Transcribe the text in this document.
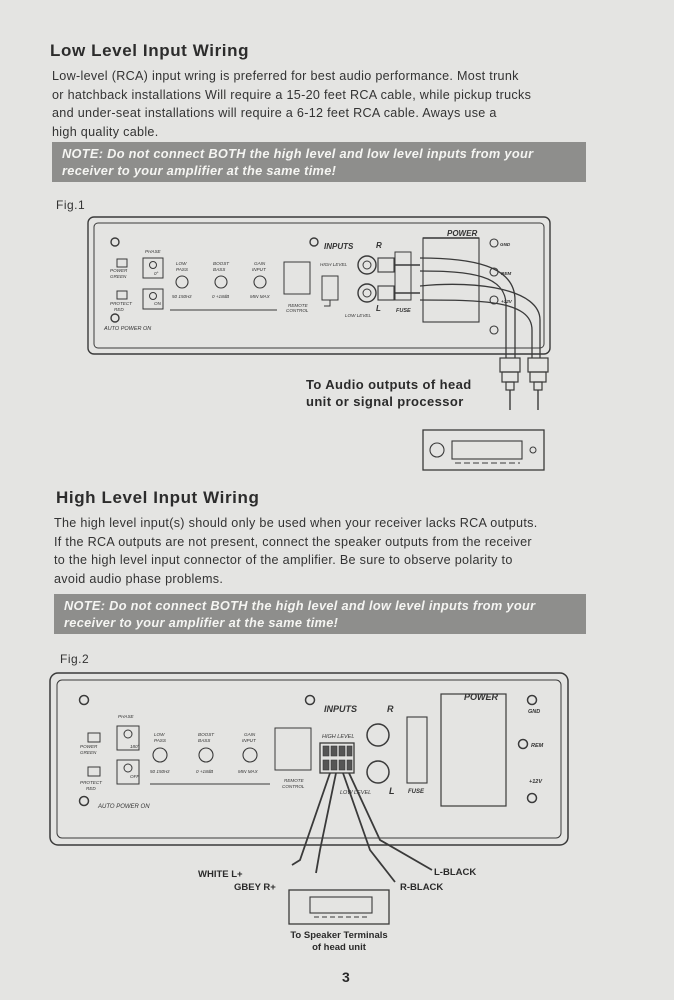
Low Level Input Wiring
Low-level (RCA) input wring is preferred for best audio performance. Most trunk
or hatchback installations Will require a 15-20 feet RCA cable, while pickup trucks
and under-seat installations will require a 6-12 feet RCA cable. Aways use a
high quality cable.
NOTE: Do not connect BOTH the high level and low level inputs from your
receiver to your amplifier at the same time!
Fig.1
PHASE
POWER
GREEN
PROTECT
RED
0°
ON
LOW
PASS
BOOST
BASS
GAIN
INPUT
50 150Hz	0 +18dB	MIN MAX
AUTO POWER ON
REMOTE
CONTROL
HIGH LEVEL
LOW LEVEL
INPUTS	R
L	FUSE
POWER
GND
REM
+12V
To Audio outputs of head
unit or signal processor
High Level Input Wiring
The high level input(s) should only be used when your receiver lacks RCA outputs.
If the RCA outputs are not present, connect the speaker outputs from the receiver
to the high level input connector of the amplifier. Be sure to observe polarity to
avoid audio phase problems.
NOTE: Do not connect BOTH the high level and low level inputs from your
receiver to your amplifier at the same time!
Fig.2
PHASE
POWER
GREEN
PROTECT
RED
180°
OFF
LOW
PASS
BOOST
BASS
GAIN
INPUT
50 150Hz	0 +18dB	MIN MAX
AUTO POWER ON
REMOTE
CONTROL
HIGH LEVEL
LOW LEVEL
INPUTS	R
L FUSE
POWER
GND
REM
+12V
WHITE L+
GBEY R+
L-BLACK
R-BLACK
To Speaker Terminals
of head unit
3
